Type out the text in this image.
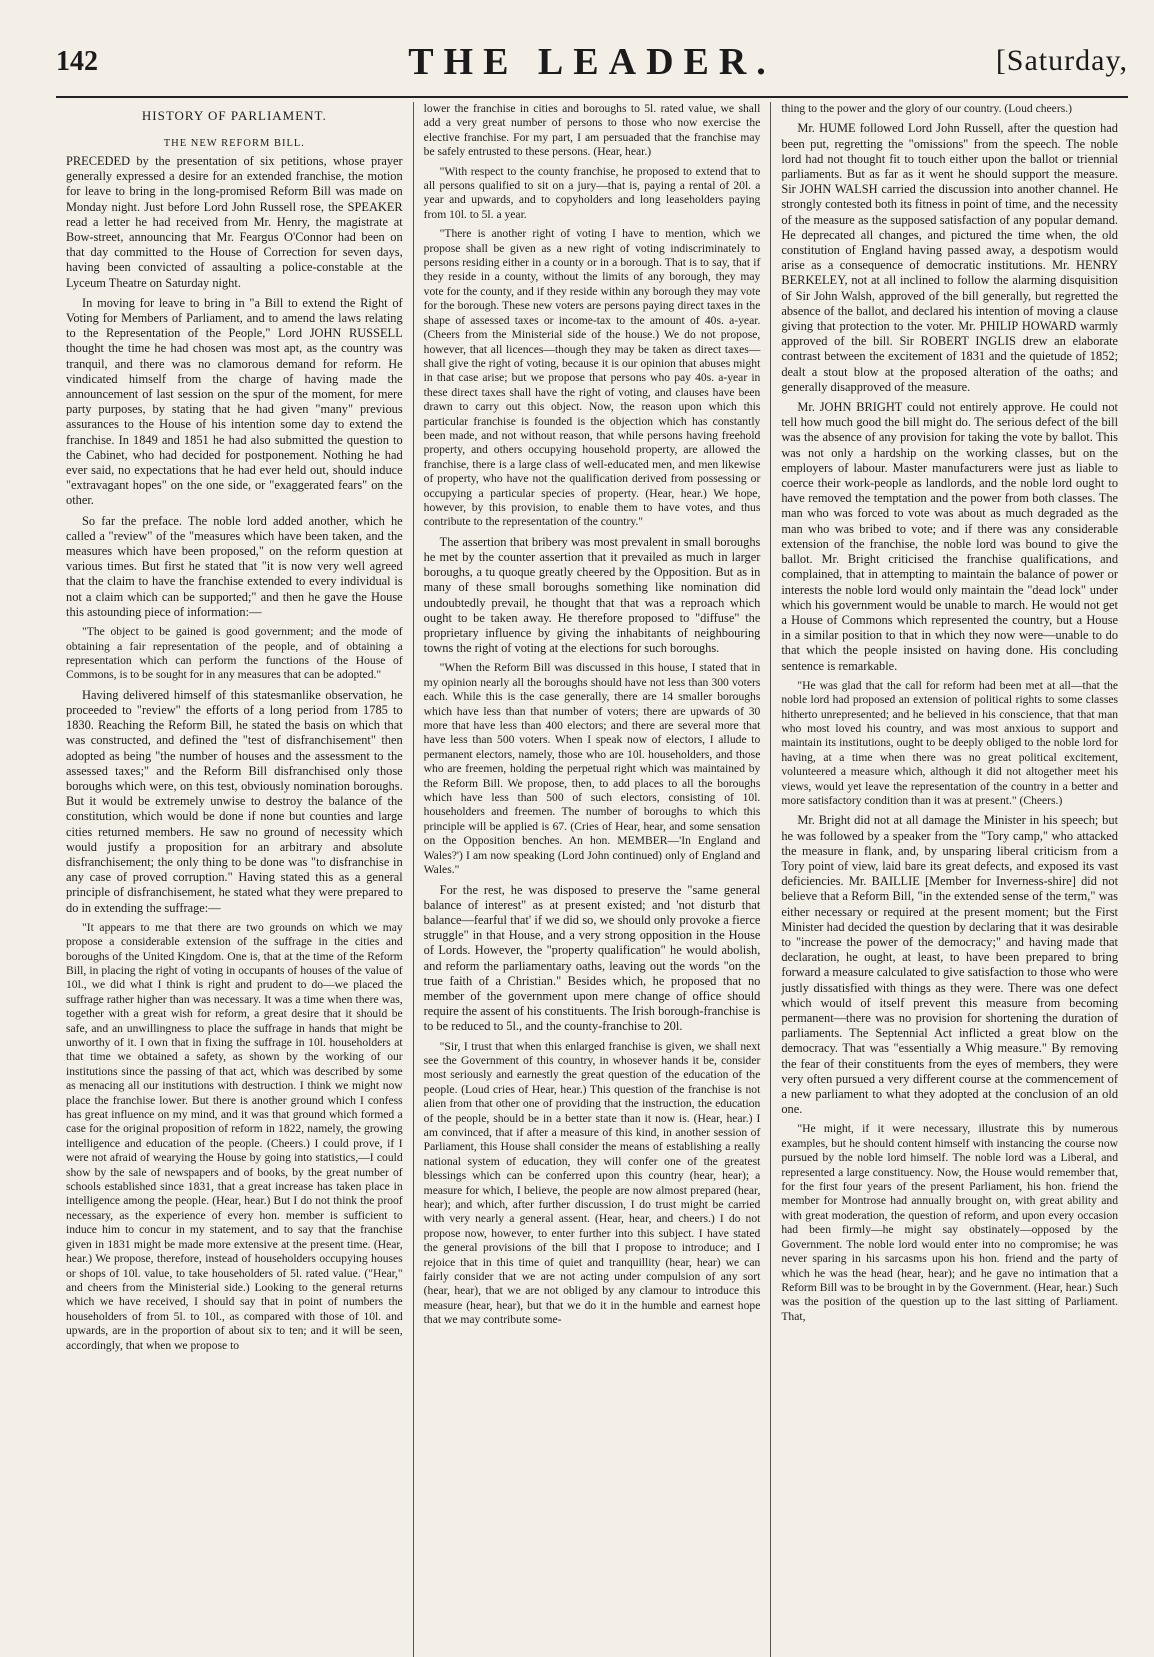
142	THE LEADER.	[Saturday,
HISTORY OF PARLIAMENT.
THE NEW REFORM BILL.

PRECEDED by the presentation of six petitions, whose prayer generally expressed a desire for an extended franchise, the motion for leave to bring in the long-promised Reform Bill was made on Monday night. Just before Lord John Russell rose, the SPEAKER read a letter he had received from Mr. Henry, the magistrate at Bow-street, announcing that Mr. Feargus O'Connor had been on that day committed to the House of Correction for seven days, having been convicted of assaulting a police-constable at the Lyceum Theatre on Saturday night.

In moving for leave to bring in "a Bill to extend the Right of Voting for Members of Parliament, and to amend the laws relating to the Representation of the People," Lord JOHN RUSSELL thought the time he had chosen was most apt, as the country was tranquil, and there was no clamorous demand for reform. He vindicated himself from the charge of having made the announcement of last session on the spur of the moment, for mere party purposes, by stating that he had given "many" previous assurances to the House of his intention some day to extend the franchise. In 1849 and 1851 he had also submitted the question to the Cabinet, who had decided for postponement. Nothing he had ever said, no expectations that he had ever held out, should induce "extravagant hopes" on the one side, or "exaggerated fears" on the other.

So far the preface. The noble lord added another, which he called a "review" of the "measures which have been taken, and the measures which have been proposed," on the reform question at various times. But first he stated that "it is now very well agreed that the claim to have the franchise extended to every individual is not a claim which can be supported;" and then he gave the House this astounding piece of information:—

"The object to be gained is good government; and the mode of obtaining a fair representation of the people, and of obtaining a representation which can perform the functions of the House of Commons, is to be sought for in any measures that can be adopted."

Having delivered himself of this statesmanlike observation, he proceeded to "review" the efforts of a long period from 1785 to 1830. Reaching the Reform Bill, he stated the basis on which that was constructed, and defined the "test of disfranchisement" then adopted as being "the number of houses and the assessment to the assessed taxes;" and the Reform Bill disfranchised only those boroughs which were, on this test, obviously nomination boroughs. But it would be extremely unwise to destroy the balance of the constitution, which would be done if none but counties and large cities returned members. He saw no ground of necessity which would justify a proposition for an arbitrary and absolute disfranchisement; the only thing to be done was "to disfranchise in any case of proved corruption." Having stated this as a general principle of disfranchisement, he stated what they were prepared to do in extending the suffrage:—

"It appears to me that there are two grounds on which we may propose a considerable extension of the suffrage in the cities and boroughs of the United Kingdom. One is, that at the time of the Reform Bill, in placing the right of voting in occupants of houses of the value of 10l., we did what I think is right and prudent to do—we placed the suffrage rather higher than was necessary. It was a time when there was, together with a great wish for reform, a great desire that it should be safe, and an unwillingness to place the suffrage in hands that might be unworthy of it. I own that in fixing the suffrage in 10l. householders at that time we obtained a safety, as shown by the working of our institutions since the passing of that act, which was described by some as menacing all our institutions with destruction. I think we might now place the franchise lower. But there is another ground which I confess has great influence on my mind, and it was that ground which formed a case for the original proposition of reform in 1822, namely, the growing intelligence and education of the people. (Cheers.) I could prove, if I were not afraid of wearying the House by going into statistics,—I could show by the sale of newspapers and of books, by the great number of schools established since 1831, that a great increase has taken place in intelligence among the people. (Hear, hear.) But I do not think the proof necessary, as the experience of every hon. member is sufficient to induce him to concur in my statement, and to say that the franchise given in 1831 might be made more extensive at the present time. (Hear, hear.) We propose, therefore, instead of householders occupying houses or shops of 10l. value, to take householders of 5l. rated value. ("Hear," and cheers from the Ministerial side.) Looking to the general returns which we have received, I should say that in point of numbers the householders of from 5l. to 10l., as compared with those of 10l. and upwards, are in the proportion of about six to ten; and it will be seen, accordingly, that when we propose to

lower the franchise in cities and boroughs to 5l. rated value, we shall add a very great number of persons to those who now exercise the elective franchise. For my part, I am persuaded that the franchise may be safely entrusted to these persons. (Hear, hear.)

"With respect to the county franchise, he proposed to extend that to all persons qualified to sit on a jury—that is, paying a rental of 20l. a year and upwards, and to copyholders and long leaseholders paying from 10l. to 5l. a year.

"There is another right of voting I have to mention, which we propose shall be given as a new right of voting indiscriminately to persons residing either in a county or in a borough. That is to say, that if they reside in a county, without the limits of any borough, they may vote for the county, and if they reside within any borough they may vote for the borough. These new voters are persons paying direct taxes in the shape of assessed taxes or income-tax to the amount of 40s. a-year. (Cheers from the Ministerial side of the house.) We do not propose, however, that all licences—though they may be taken as direct taxes—shall give the right of voting, because it is our opinion that abuses might in that case arise; but we propose that persons who pay 40s. a-year in these direct taxes shall have the right of voting, and clauses have been drawn to carry out this object. Now, the reason upon which this particular franchise is founded is the objection which has constantly been made, and not without reason, that while persons having freehold property, and others occupying household property, are allowed the franchise, there is a large class of well-educated men, and men likewise of property, who have not the qualification derived from possessing or occupying a particular species of property. (Hear, hear.) We hope, however, by this provision, to enable them to have votes, and thus contribute to the representation of the country."

The assertion that bribery was most prevalent in small boroughs he met by the counter assertion that it prevailed as much in larger boroughs, a tu quoque greatly cheered by the Opposition. But as in many of these small boroughs something like nomination did undoubtedly prevail, he thought that that was a reproach which ought to be taken away. He therefore proposed to "diffuse" the proprietary influence by giving the inhabitants of neighbouring towns the right of voting at the elections for such boroughs.

"When the Reform Bill was discussed in this house, I stated that in my opinion nearly all the boroughs should have not less than 300 voters each. While this is the case generally, there are 14 smaller boroughs which have less than that number of voters; there are upwards of 30 more that have less than 400 electors; and there are several more that have less than 500 voters. When I speak now of electors, I allude to permanent electors, namely, those who are 10l. householders, and those who are freemen, holding the perpetual right which was maintained by the Reform Bill. We propose, then, to add places to all the boroughs which have less than 500 of such electors, consisting of 10l. householders and freemen. The number of boroughs to which this principle will be applied is 67. (Cries of Hear, hear, and some sensation on the Opposition benches. An hon. MEMBER—'In England and Wales?') I am now speaking (Lord John continued) only of England and Wales."

For the rest, he was disposed to preserve the "same general balance of interest" as at present existed; and 'not disturb that balance—fearful that' if we did so, we should only provoke a fierce struggle" in that House, and a very strong opposition in the House of Lords. However, the "property qualification" he would abolish, and reform the parliamentary oaths, leaving out the words "on the true faith of a Christian." Besides which, he proposed that no member of the government upon mere change of office should require the assent of his constituents. The Irish borough-franchise is to be reduced to 5l., and the county-franchise to 20l.

"Sir, I trust that when this enlarged franchise is given, we shall next see the Government of this country, in whosever hands it be, consider most seriously and earnestly the great question of the education of the people. (Loud cries of Hear, hear.) This question of the franchise is not alien from that other one of providing that the instruction, the education of the people, should be in a better state than it now is. (Hear, hear.) I am convinced, that if after a measure of this kind, in another session of Parliament, this House shall consider the means of establishing a really national system of education, they will confer one of the greatest blessings which can be conferred upon this country (hear, hear); a measure for which, I believe, the people are now almost prepared (hear, hear); and which, after further discussion, I do trust might be carried with very nearly a general assent. (Hear, hear, and cheers.) I do not propose now, however, to enter further into this subject. I have stated the general provisions of the bill that I propose to introduce; and I rejoice that in this time of quiet and tranquillity (hear, hear) we can fairly consider that we are not acting under compulsion of any sort (hear, hear), that we are not obliged by any clamour to introduce this measure (hear, hear), but that we do it in the humble and earnest hope that we may contribute some-

thing to the power and the glory of our country. (Loud cheers.)

Mr. HUME followed Lord John Russell, after the question had been put, regretting the "omissions" from the speech. The noble lord had not thought fit to touch either upon the ballot or triennial parliaments. But as far as it went he should support the measure. Sir JOHN WALSH carried the discussion into another channel. He strongly contested both its fitness in point of time, and the necessity of the measure as the supposed satisfaction of any popular demand. He deprecated all changes, and pictured the time when, the old constitution of England having passed away, a despotism would arise as a consequence of democratic institutions. Mr. HENRY BERKELEY, not at all inclined to follow the alarming disquisition of Sir John Walsh, approved of the bill generally, but regretted the absence of the ballot, and declared his intention of moving a clause giving that protection to the voter. Mr. PHILIP HOWARD warmly approved of the bill. Sir ROBERT INGLIS drew an elaborate contrast between the excitement of 1831 and the quietude of 1852; dealt a stout blow at the proposed alteration of the oaths; and generally disapproved of the measure.

Mr. JOHN BRIGHT could not entirely approve. He could not tell how much good the bill might do. The serious defect of the bill was the absence of any provision for taking the vote by ballot. This was not only a hardship on the working classes, but on the employers of labour. Master manufacturers were just as liable to coerce their work-people as landlords, and the noble lord ought to have removed the temptation and the power from both classes. The man who was forced to vote was about as much degraded as the man who was bribed to vote; and if there was any considerable extension of the franchise, the noble lord was bound to give the ballot. Mr. Bright criticised the franchise qualifications, and complained, that in attempting to maintain the balance of power or interests the noble lord would only maintain the "dead lock" under which his government would be unable to march. He would not get a House of Commons which represented the country, but a House in a similar position to that in which they now were—unable to do that which the people insisted on having done. His concluding sentence is remarkable.

"He was glad that the call for reform had been met at all—that the noble lord had proposed an extension of political rights to some classes hitherto unrepresented; and he believed in his conscience, that that man who most loved his country, and was most anxious to support and maintain its institutions, ought to be deeply obliged to the noble lord for having, at a time when there was no great political excitement, volunteered a measure which, although it did not altogether meet his views, would yet leave the representation of the country in a better and more satisfactory condition than it was at present." (Cheers.)

Mr. Bright did not at all damage the Minister in his speech; but he was followed by a speaker from the "Tory camp," who attacked the measure in flank, and, by unsparing liberal criticism from a Tory point of view, laid bare its great defects, and exposed its vast deficiencies. Mr. BAILLIE [Member for Inverness-shire] did not believe that a Reform Bill, "in the extended sense of the term," was either necessary or required at the present moment; but the First Minister had decided the question by declaring that it was desirable to "increase the power of the democracy;" and having made that declaration, he ought, at least, to have been prepared to bring forward a measure calculated to give satisfaction to those who were justly dissatisfied with things as they were. There was one defect which would of itself prevent this measure from becoming permanent—there was no provision for shortening the duration of parliaments. The Septennial Act inflicted a great blow on the democracy. That was "essentially a Whig measure." By removing the fear of their constituents from the eyes of members, they were very often pursued a very different course at the commencement of a new parliament to what they adopted at the conclusion of an old one.

"He might, if it were necessary, illustrate this by numerous examples, but he should content himself with instancing the course now pursued by the noble lord himself. The noble lord was a Liberal, and represented a large constituency. Now, the House would remember that, for the first four years of the present Parliament, his hon. friend the member for Montrose had annually brought on, with great ability and with great moderation, the question of reform, and upon every occasion had been firmly—he might say obstinately—opposed by the Government. The noble lord would enter into no compromise; he was never sparing in his sarcasms upon his hon. friend and the party of which he was the head (hear, hear); and he gave no intimation that a Reform Bill was to be brought in by the Government. (Hear, hear.) Such was the position of the question up to the last sitting of Parliament. That,
